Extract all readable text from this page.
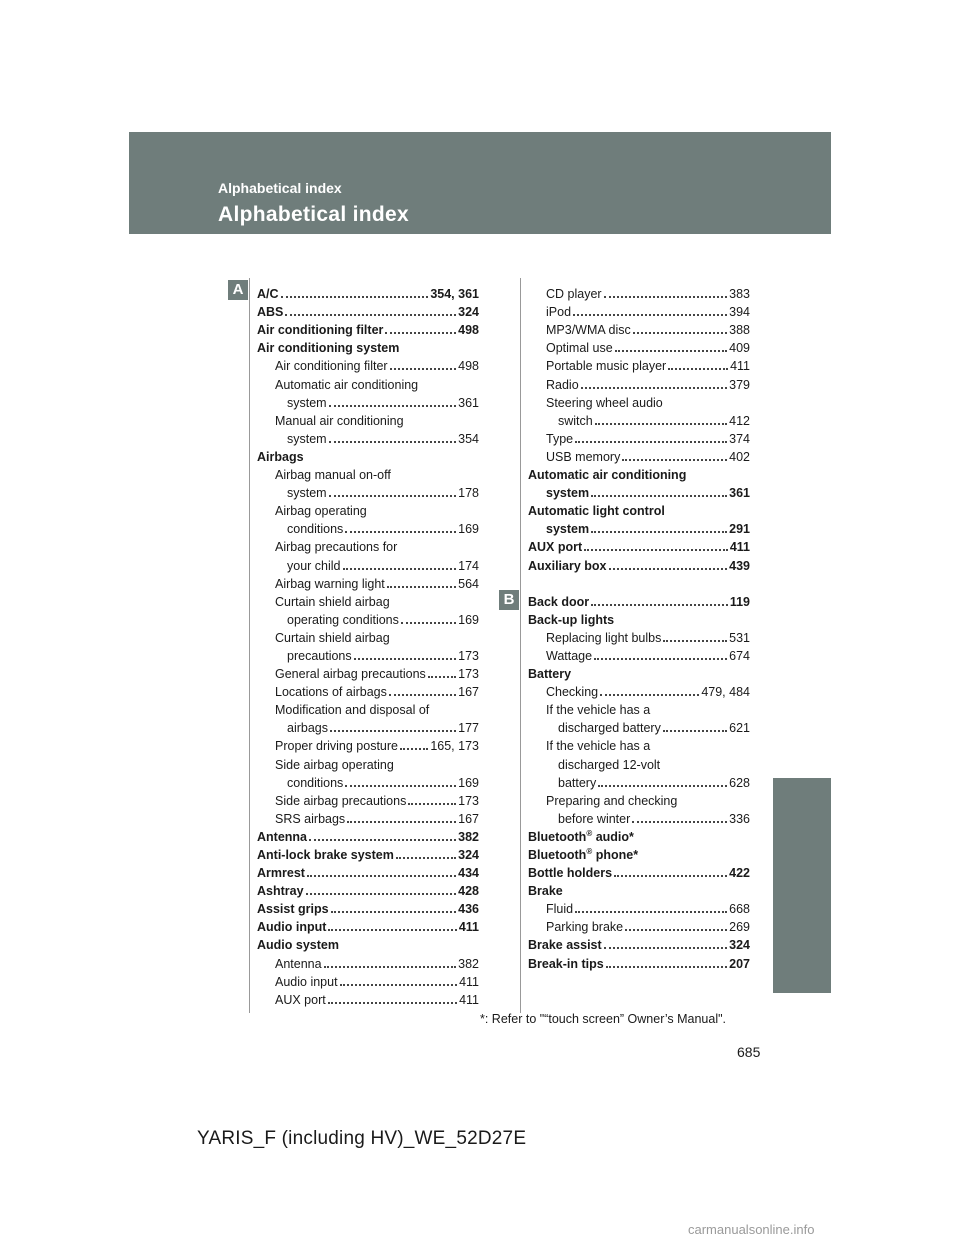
Alphabetical index
Alphabetical index
A
B
A/C	354, 361
ABS	324
Air conditioning filter	498
Air conditioning system
Air conditioning filter	498
Automatic air conditioning
system	361
Manual air conditioning
system	354
Airbags
Airbag manual on-off
system	178
Airbag operating
conditions	169
Airbag precautions for
your child	174
Airbag warning light	564
Curtain shield airbag
operating conditions	169
Curtain shield airbag
precautions	173
General airbag precautions	173
Locations of airbags	167
Modification and disposal of
airbags	177
Proper driving posture	165, 173
Side airbag operating
conditions	169
Side airbag precautions	173
SRS airbags	167
Antenna	382
Anti-lock brake system	324
Armrest	434
Ashtray	428
Assist grips	436
Audio input	411
Audio system
Antenna	382
Audio input	411
AUX port	411
CD player	383
iPod	394
MP3/WMA disc	388
Optimal use	409
Portable music player	411
Radio	379
Steering wheel audio
switch	412
Type	374
USB memory	402
Automatic air conditioning
system	361
Automatic light control
system	291
AUX port	411
Auxiliary box	439
Back door	119
Back-up lights
Replacing light bulbs	531
Wattage	674
Battery
Checking	479, 484
If the vehicle has a
discharged battery	621
If the vehicle has a
discharged 12-volt
battery	628
Preparing and checking
before winter	336
Bluetooth® audio*
Bluetooth® phone*
Bottle holders	422
Brake
Fluid	668
Parking brake	269
Brake assist	324
Break-in tips	207
*: Refer to "“touch screen” Owner’s Manual".
685
YARIS_F (including HV)_WE_52D27E
carmanualsonline.info
